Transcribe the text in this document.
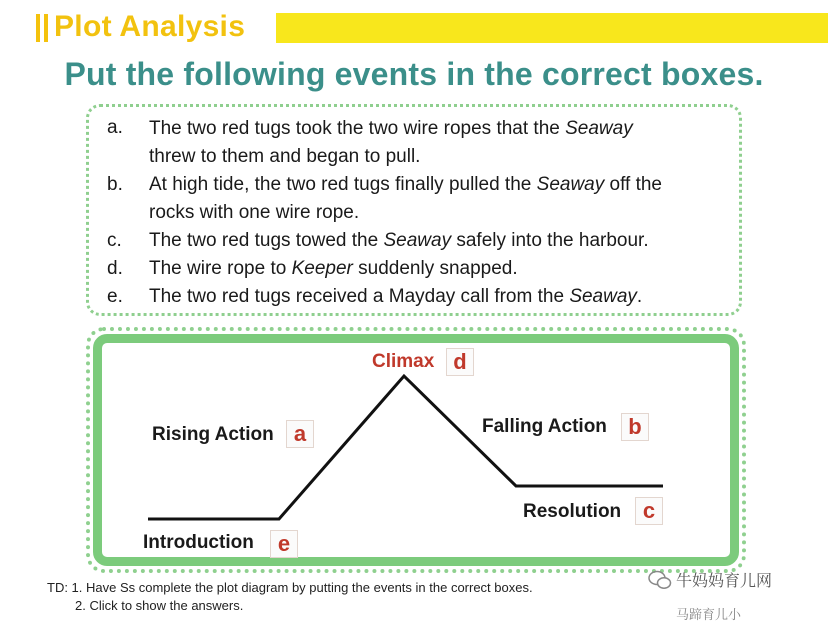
Plot Analysis
Put the following events in the correct boxes.
a. The two red tugs took the two wire ropes that the Seaway
threw to them and began to pull.
b. At high tide, the two red tugs finally pulled the Seaway off the
rocks with one wire rope.
c. The two red tugs towed the Seaway safely into the harbour.
d. The wire rope to Keeper suddenly snapped.
e. The two red tugs received a Mayday call from the Seaway.
Climax d
Rising Action a	Falling Action b
Resolution c
Introduction	e
TD: 1. Have Ss complete the plot diagram by putting the events in the correct boxes.
2. Click to show the answers.
牛妈妈育儿网
马蹄育儿小
